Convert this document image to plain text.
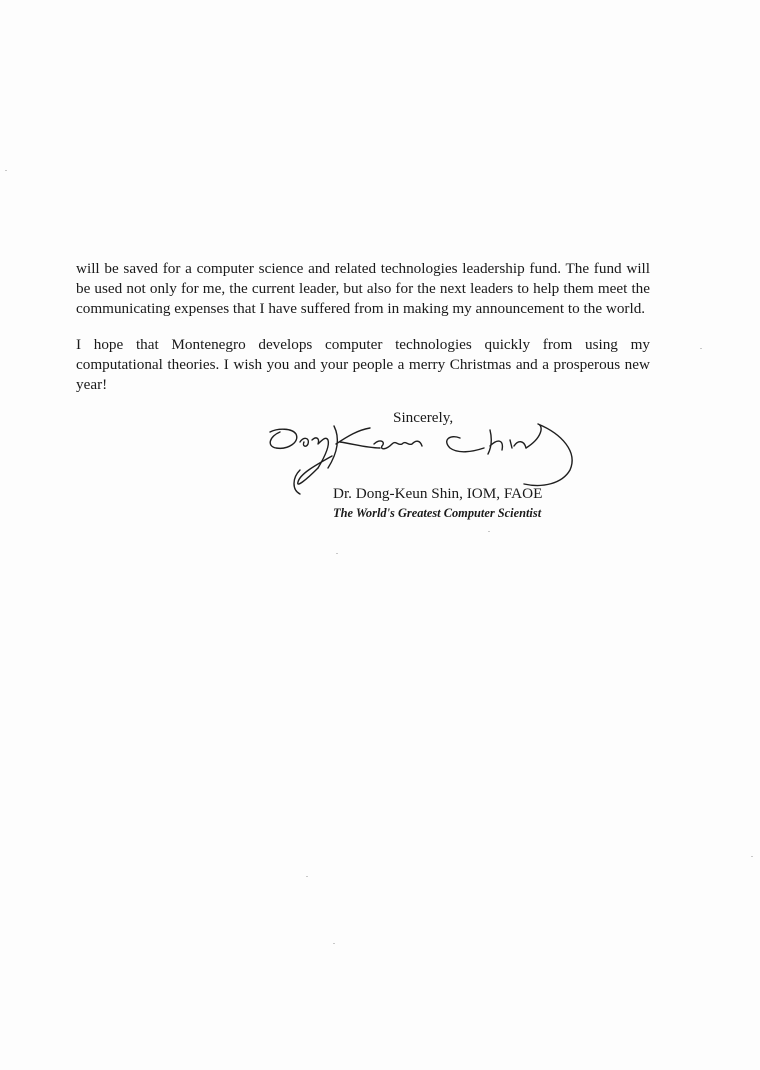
will be saved for a computer science and related technologies leadership fund. The fund will be used not only for me, the current leader, but also for the next leaders to help them meet the communicating expenses that I have suffered from in making my announcement to the world.

I hope that Montenegro develops computer technologies quickly from using my computational theories. I wish you and your people a merry Christmas and a prosperous new year!

Sincerely,

Dr. Dong-Keun Shin, IOM, FAOE

The World's Greatest Computer Scientist
